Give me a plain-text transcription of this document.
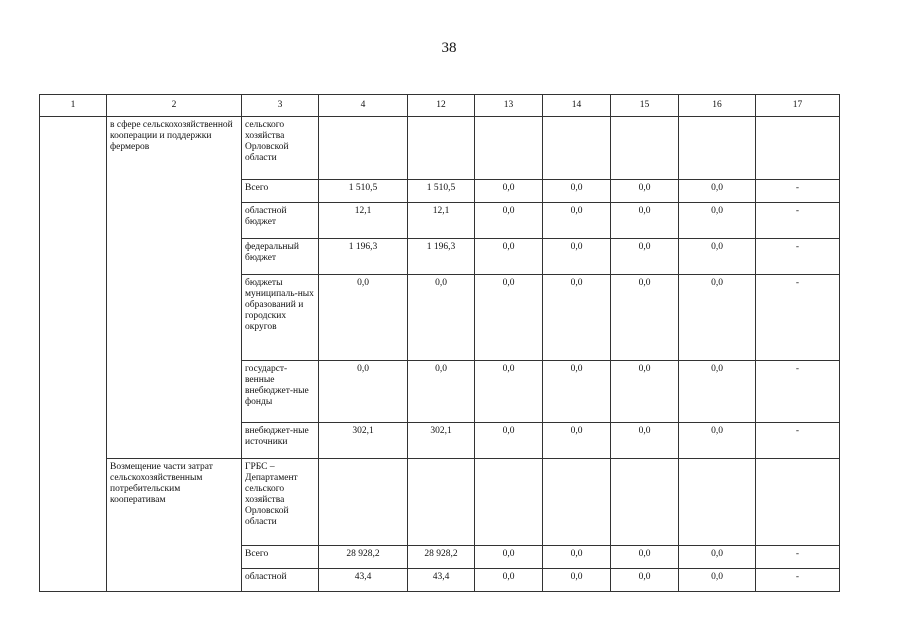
38
1	2	3	4	12	13	14	15	16	17
	в сфере сельскохозяйственной кооперации и поддержки фермеров	сельского хозяйства Орловской области							
		Всего	1 510,5	1 510,5	0,0	0,0	0,0	0,0	-
		областной бюджет	12,1	12,1	0,0	0,0	0,0	0,0	-
		федеральный бюджет	1 196,3	1 196,3	0,0	0,0	0,0	0,0	-
		бюджеты муниципаль-ных образований и городских округов	0,0	0,0	0,0	0,0	0,0	0,0	-
		государст-венные внебюджет-ные фонды	0,0	0,0	0,0	0,0	0,0	0,0	-
		внебюджет-ные источники	302,1	302,1	0,0	0,0	0,0	0,0	-
	Возмещение части затрат сельскохозяйственным потребительским кооперативам	ГРБС – Департамент сельского хозяйства Орловской области							
		Всего	28 928,2	28 928,2	0,0	0,0	0,0	0,0	-
		областной	43,4	43,4	0,0	0,0	0,0	0,0	-
